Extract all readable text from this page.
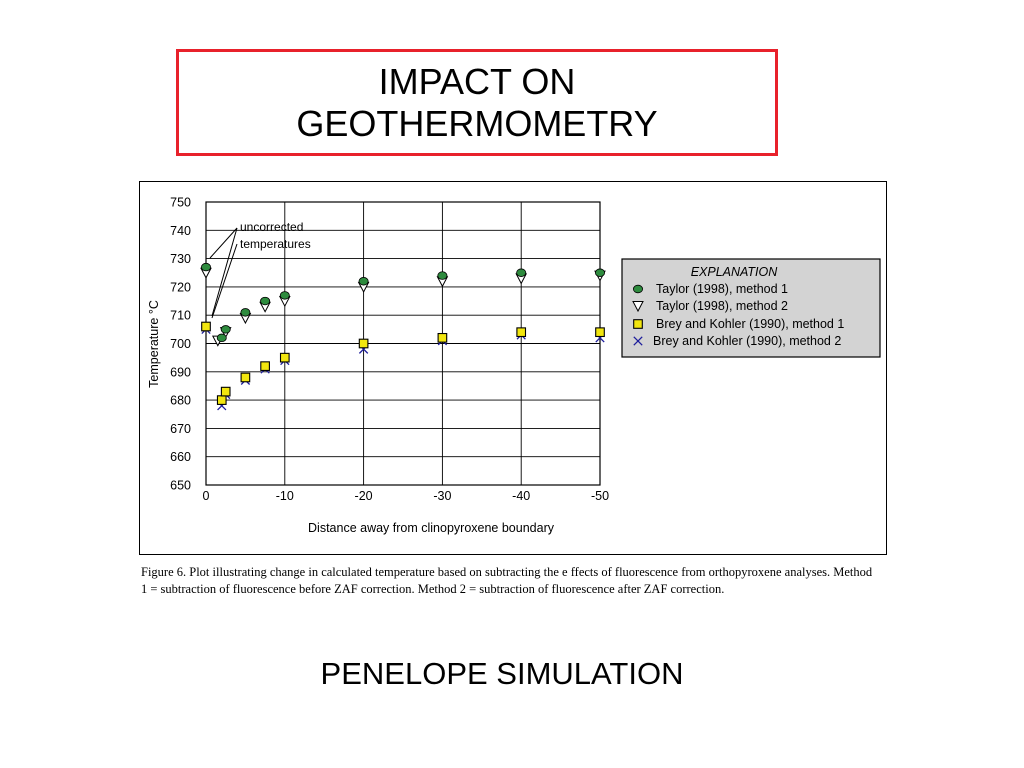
IMPACT ON
GEOTHERMOMETRY
650
660
670
680
690
700
710
720
730
740
750
0	-10	-20	-30	-40	-50
Distance away from clinopyroxene boundary
Temperature °C
uncorrected
temperatures
EXPLANATION
Taylor (1998), method 1
Taylor (1998), method 2
Brey and Kohler (1990), method 1
Brey and Kohler (1990), method 2
Figure 6. Plot illustrating change in calculated temperature based on subtracting the e ffects of fluorescence from orthopyroxene analyses. Method 1 = subtraction of fluorescence before ZAF correction. Method 2 = subtraction of fluorescence after ZAF correction.
PENELOPE SIMULATION
